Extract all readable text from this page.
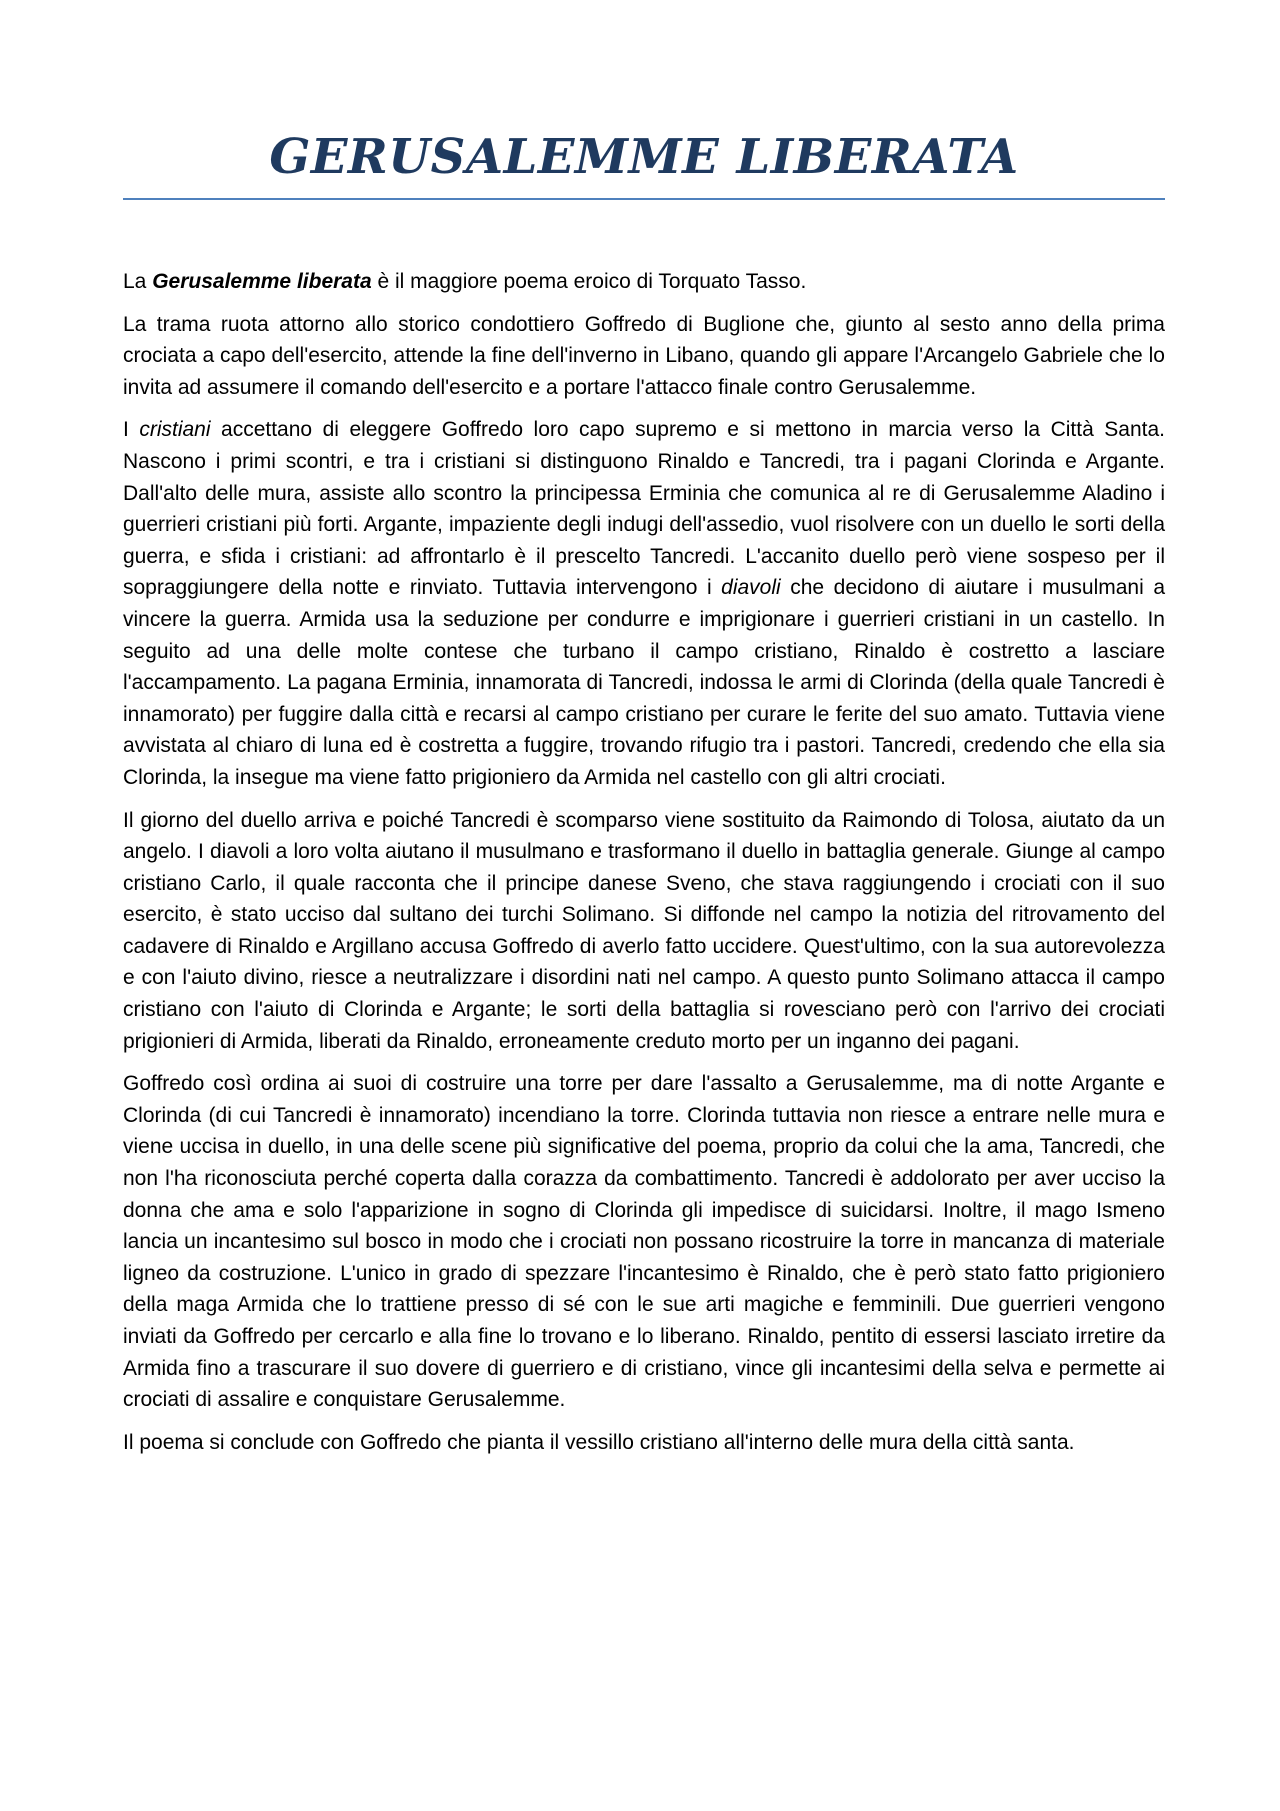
GERUSALEMME LIBERATA

La Gerusalemme liberata è il maggiore poema eroico di Torquato Tasso.

La trama ruota attorno allo storico condottiero Goffredo di Buglione che, giunto al sesto anno della prima crociata a capo dell'esercito, attende la fine dell'inverno in Libano, quando gli appare l'Arcangelo Gabriele che lo invita ad assumere il comando dell'esercito e a portare l'attacco finale contro Gerusalemme.

I cristiani accettano di eleggere Goffredo loro capo supremo e si mettono in marcia verso la Città Santa. Nascono i primi scontri, e tra i cristiani si distinguono Rinaldo e Tancredi, tra i pagani Clorinda e Argante. Dall'alto delle mura, assiste allo scontro la principessa Erminia che comunica al re di Gerusalemme Aladino i guerrieri cristiani più forti. Argante, impaziente degli indugi dell'assedio, vuol risolvere con un duello le sorti della guerra, e sfida i cristiani: ad affrontarlo è il prescelto Tancredi. L'accanito duello però viene sospeso per il sopraggiungere della notte e rinviato. Tuttavia intervengono i diavoli che decidono di aiutare i musulmani a vincere la guerra. Armida usa la seduzione per condurre e imprigionare i guerrieri cristiani in un castello. In seguito ad una delle molte contese che turbano il campo cristiano, Rinaldo è costretto a lasciare l'accampamento. La pagana Erminia, innamorata di Tancredi, indossa le armi di Clorinda (della quale Tancredi è innamorato) per fuggire dalla città e recarsi al campo cristiano per curare le ferite del suo amato. Tuttavia viene avvistata al chiaro di luna ed è costretta a fuggire, trovando rifugio tra i pastori. Tancredi, credendo che ella sia Clorinda, la insegue ma viene fatto prigioniero da Armida nel castello con gli altri crociati.

Il giorno del duello arriva e poiché Tancredi è scomparso viene sostituito da Raimondo di Tolosa, aiutato da un angelo. I diavoli a loro volta aiutano il musulmano e trasformano il duello in battaglia generale. Giunge al campo cristiano Carlo, il quale racconta che il principe danese Sveno, che stava raggiungendo i crociati con il suo esercito, è stato ucciso dal sultano dei turchi Solimano. Si diffonde nel campo la notizia del ritrovamento del cadavere di Rinaldo e Argillano accusa Goffredo di averlo fatto uccidere. Quest'ultimo, con la sua autorevolezza e con l'aiuto divino, riesce a neutralizzare i disordini nati nel campo. A questo punto Solimano attacca il campo cristiano con l'aiuto di Clorinda e Argante; le sorti della battaglia si rovesciano però con l'arrivo dei crociati prigionieri di Armida, liberati da Rinaldo, erroneamente creduto morto per un inganno dei pagani.

Goffredo così ordina ai suoi di costruire una torre per dare l'assalto a Gerusalemme, ma di notte Argante e Clorinda (di cui Tancredi è innamorato) incendiano la torre. Clorinda tuttavia non riesce a entrare nelle mura e viene uccisa in duello, in una delle scene più significative del poema, proprio da colui che la ama, Tancredi, che non l'ha riconosciuta perché coperta dalla corazza da combattimento. Tancredi è addolorato per aver ucciso la donna che ama e solo l'apparizione in sogno di Clorinda gli impedisce di suicidarsi. Inoltre, il mago Ismeno lancia un incantesimo sul bosco in modo che i crociati non possano ricostruire la torre in mancanza di materiale ligneo da costruzione. L'unico in grado di spezzare l'incantesimo è Rinaldo, che è però stato fatto prigioniero della maga Armida che lo trattiene presso di sé con le sue arti magiche e femminili. Due guerrieri vengono inviati da Goffredo per cercarlo e alla fine lo trovano e lo liberano. Rinaldo, pentito di essersi lasciato irretire da Armida fino a trascurare il suo dovere di guerriero e di cristiano, vince gli incantesimi della selva e permette ai crociati di assalire e conquistare Gerusalemme.

Il poema si conclude con Goffredo che pianta il vessillo cristiano all'interno delle mura della città santa.
